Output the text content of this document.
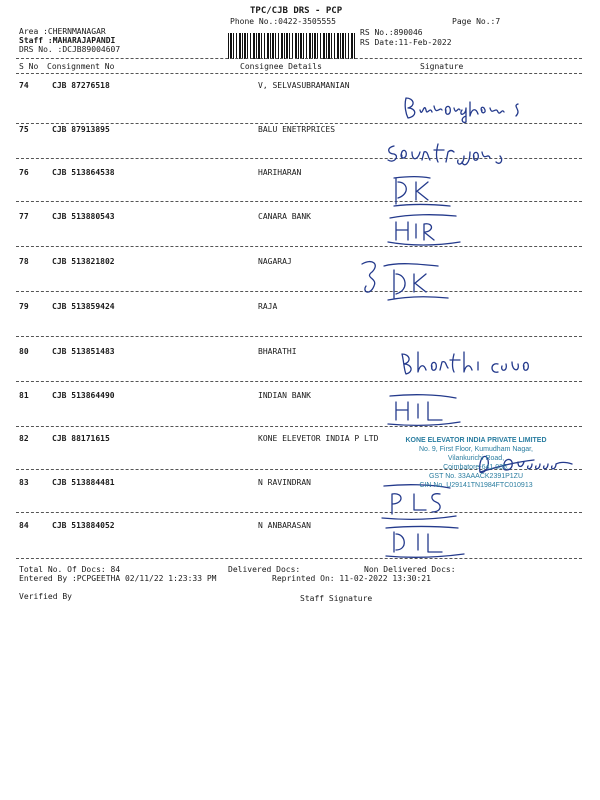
TPC/CJB DRS - PCP
Phone No.:0422-3505555	Page No.:7
Area :CHERNMANAGAR
Staff :MAHARAJAPANDI
DRS No. :DCJB89004607
RS No.:890046
RS Date:11-Feb-2022
S No Consignment No	Consignee Details	Signature
74	CJB 87276518	V, SELVASUBRAMANIAN
75	CJB 87913895	BALU ENETRPRICES
76	CJB 513864538	HARIHARAN
77	CJB 513880543	CANARA BANK
78	CJB 513821802	NAGARAJ
79	CJB 513859424	RAJA
80	CJB 513851483	BHARATHI
81	CJB 513864490	INDIAN BANK
82	CJB 88171615	KONE ELEVETOR INDIA P LTD
83	CJB 513884481	N RAVINDRAN
84	CJB 513884052	N ANBARASAN
KONE ELEVATOR INDIA PRIVATE LIMITED
No. 9, First Floor, Kumudham Nagar,
Vilankurichi Road,
Coimbatore-641 035.
GST No. 33AAACK2391P1ZU
CIN No. U29141TN1984FTC010913
Total No. Of Docs: 84	Delivered Docs:	Non Delivered Docs:
Entered By :PCPGEETHA 02/11/22 1:23:33 PM	Reprinted On: 11-02-2022 13:30:21
Verified By	Staff Signature
